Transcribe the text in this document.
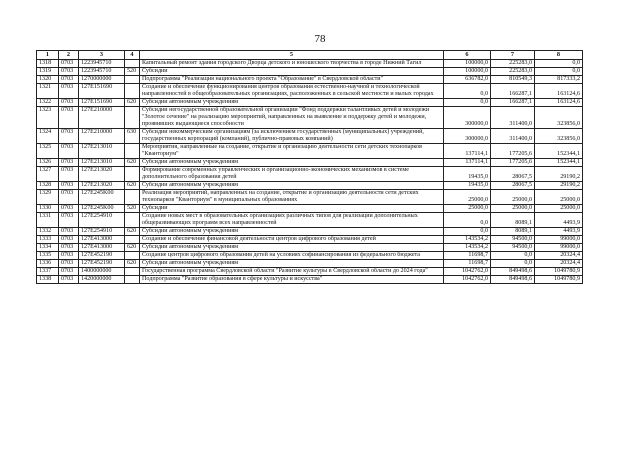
78
1	2	3	4	5	6	7	8
1318	0703	1223945710		Капитальный ремонт здания городского Дворца детского и юношеского творчества в городе Нижний Тагил	100000,0	225283,0	0,0
1319	0703	1223945710	520	Субсидии	100000,0	225283,0	0,0
1320	0703	1270000000		Подпрограмма "Реализация национального проекта "Образование" в Свердловской области"	636782,0	810549,3	817333,2
1321	0703	127E151690		Создание и обеспечение функционирования центров образования естественно-научной и технологической направленностей в общеобразовательных организациях, расположенных в сельской местности и малых городах	0,0	166287,1	163124,6
1322	0703	127E151690	620	Субсидии автономным учреждениям	0,0	166287,1	163124,6
1323	0703	127E210000		Субсидии негосударственной образовательной организации "Фонд поддержки талантливых детей и молодежи "Золотое сечение" на реализацию мероприятий, направленных на выявление и поддержку детей и молодежи, проявивших выдающиеся способности	300000,0	311400,0	323856,0
1324	0703	127E210000	630	Субсидии некоммерческим организациям (за исключением государственных (муниципальных) учреждений, государственных корпораций (компаний), публично-правовых компаний)	300000,0	311400,0	323856,0
1325	0703	127E213010		Мероприятия, направленные на создание, открытие и организацию деятельности сети детских технопарков "Кванториум"	137114,1	177205,6	152344,1
1326	0703	127E213010	620	Субсидии автономным учреждениям	137114,1	177205,6	152344,1
1327	0703	127E213020		Формирование современных управленческих и организационно-экономических механизмов в системе дополнительного образования детей	19435,0	28067,5	29190,2
1328	0703	127E213020	620	Субсидии автономным учреждениям	19435,0	28067,5	29190,2
1329	0703	127E245K00		Реализация мероприятий, направленных на создание, открытие и организацию деятельности сети детских технопарков "Кванториум" в муниципальных образованиях	25000,0	25000,0	25000,0
1330	0703	127E245K00	520	Субсидии	25000,0	25000,0	25000,0
1331	0703	127E254910		Создание новых мест в образовательных организациях различных типов для реализации дополнительных общеразвивающих программ всех направленностей	0,0	8089,1	4493,9
1332	0703	127E254910	620	Субсидии автономным учреждениям	0,0	8089,1	4493,9
1333	0703	127E413000		Создание и обеспечение финансовой деятельности центров цифрового образования детей	143534,2	94500,0	99000,0
1334	0703	127E413000	620	Субсидии автономным учреждениям	143534,2	94500,0	99000,0
1335	0703	127E452190		Создание центров цифрового образования детей на условиях софинансирования из федерального бюджета	11698,7	0,0	20324,4
1336	0703	127E452190	620	Субсидии автономным учреждениям	11698,7	0,0	20324,4
1337	0703	1400000000		Государственная программа Свердловской области "Развитие культуры в Свердловской области до 2024 года"	1042762,0	849498,6	1049780,9
1338	0703	1420000000		Подпрограмма "Развитие образования в сфере культуры и искусства"	1042762,0	849498,6	1049780,9
